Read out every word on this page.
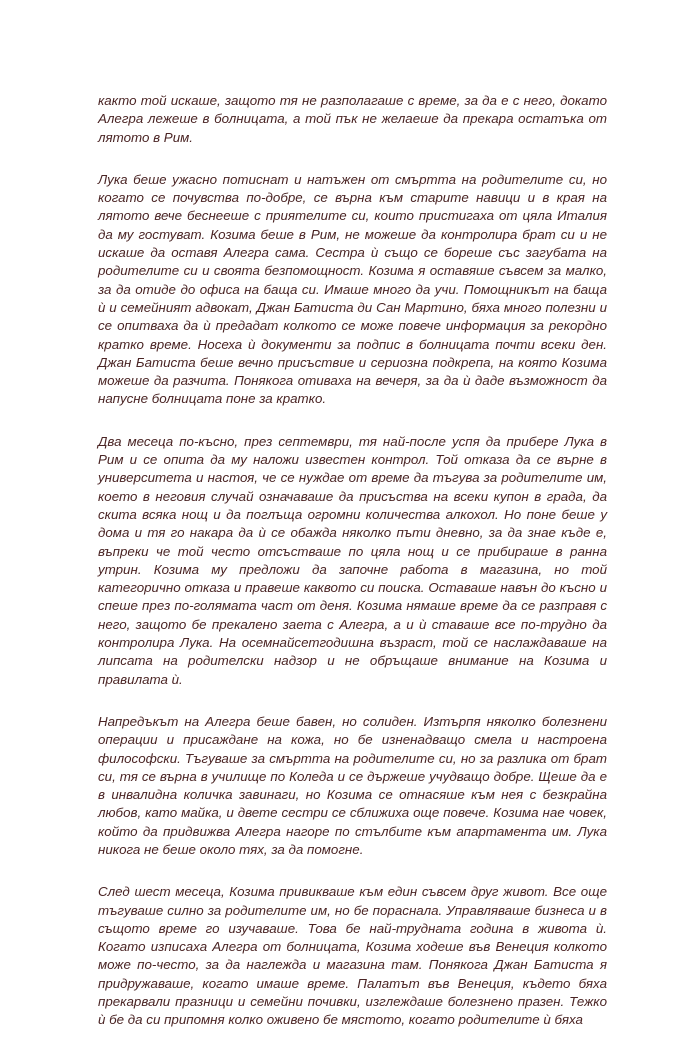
както той искаше, защото тя не разполагаше с време, за да е с него, докато Алегра лежеше в болницата, а той пък не желаеше да прекара остатъка от лятото в Рим.

Лука беше ужасно потиснат и натъжен от смъртта на родителите си, но когато се почувства по-добре, се върна към старите навици и в края на лятото вече беснееше с приятелите си, които пристигаха от цяла Италия да му гостуват. Козима беше в Рим, не можеше да контролира брат си и не искаше да оставя Алегра сама. Сестра ѝ също се бореше със загубата на родителите си и своята безпомощност. Козима я оставяше съвсем за малко, за да отиде до офиса на баща си. Имаше много да учи. Помощникът на баща ѝ и семейният адвокат, Джан Батиста ди Сан Мартино, бяха много полезни и се опитваха да ѝ предадат колкото се може повече информация за рекордно кратко време. Носеха ѝ документи за подпис в болницата почти всеки ден. Джан Батиста беше вечно присъствие и сериозна подкрепа, на която Козима можеше да разчита. Понякога отиваха на вечеря, за да ѝ даде възможност да напусне болницата поне за кратко.

Два месеца по-късно, през септември, тя най-после успя да прибере Лука в Рим и се опита да му наложи известен контрол. Той отказа да се върне в университета и настоя, че се нуждае от време да тъгува за родителите им, което в неговия случай означаваше да присъства на всеки купон в града, да скита всяка нощ и да поглъща огромни количества алкохол. Но поне беше у дома и тя го накара да ѝ се обажда няколко пъти дневно, за да знае къде е, въпреки че той често отсъстваше по цяла нощ и се прибираше в ранна утрин. Козима му предложи да започне работа в магазина, но той категорично отказа и правеше каквото си поиска. Оставаше навън до късно и спеше през по-голямата част от деня. Козима нямаше време да се разправя с него, защото бе прекалено заета с Алегра, а и ѝ ставаше все по-трудно да контролира Лука. На осемнайсетгодишна възраст, той се наслаждаваше на липсата на родителски надзор и не обръщаше внимание на Козима и правилата ѝ.

Напредъкът на Алегра беше бавен, но солиден. Изтърпя няколко болезнени операции и присаждане на кожа, но бе изненадващо смела и настроена философски. Тъгуваше за смъртта на родителите си, но за разлика от брат си, тя се върна в училище по Коледа и се държеше учудващо добре. Щеше да е в инвалидна количка завинаги, но Козима се отнасяше към нея с безкрайна любов, като майка, и двете сестри се сближиха още повече. Козима нае човек, който да придвижва Алегра нагоре по стълбите към апартамента им. Лука никога не беше около тях, за да помогне.

След шест месеца, Козима привикваше към един съвсем друг живот. Все още тъгуваше силно за родителите им, но бе пораснала. Управляваше бизнеса и в същото време го изучаваше. Това бе най-трудната година в живота ѝ. Когато изписаха Алегра от болницата, Козима ходеше във Венеция колкото може по-често, за да наглежда и магазина там. Понякога Джан Батиста я придружаваше, когато имаше време. Палатът във Венеция, където бяха прекарвали празници и семейни почивки, изглеждаше болезнено празен. Тежко ѝ бе да си припомня колко оживено бе мястото, когато родителите ѝ бяха
